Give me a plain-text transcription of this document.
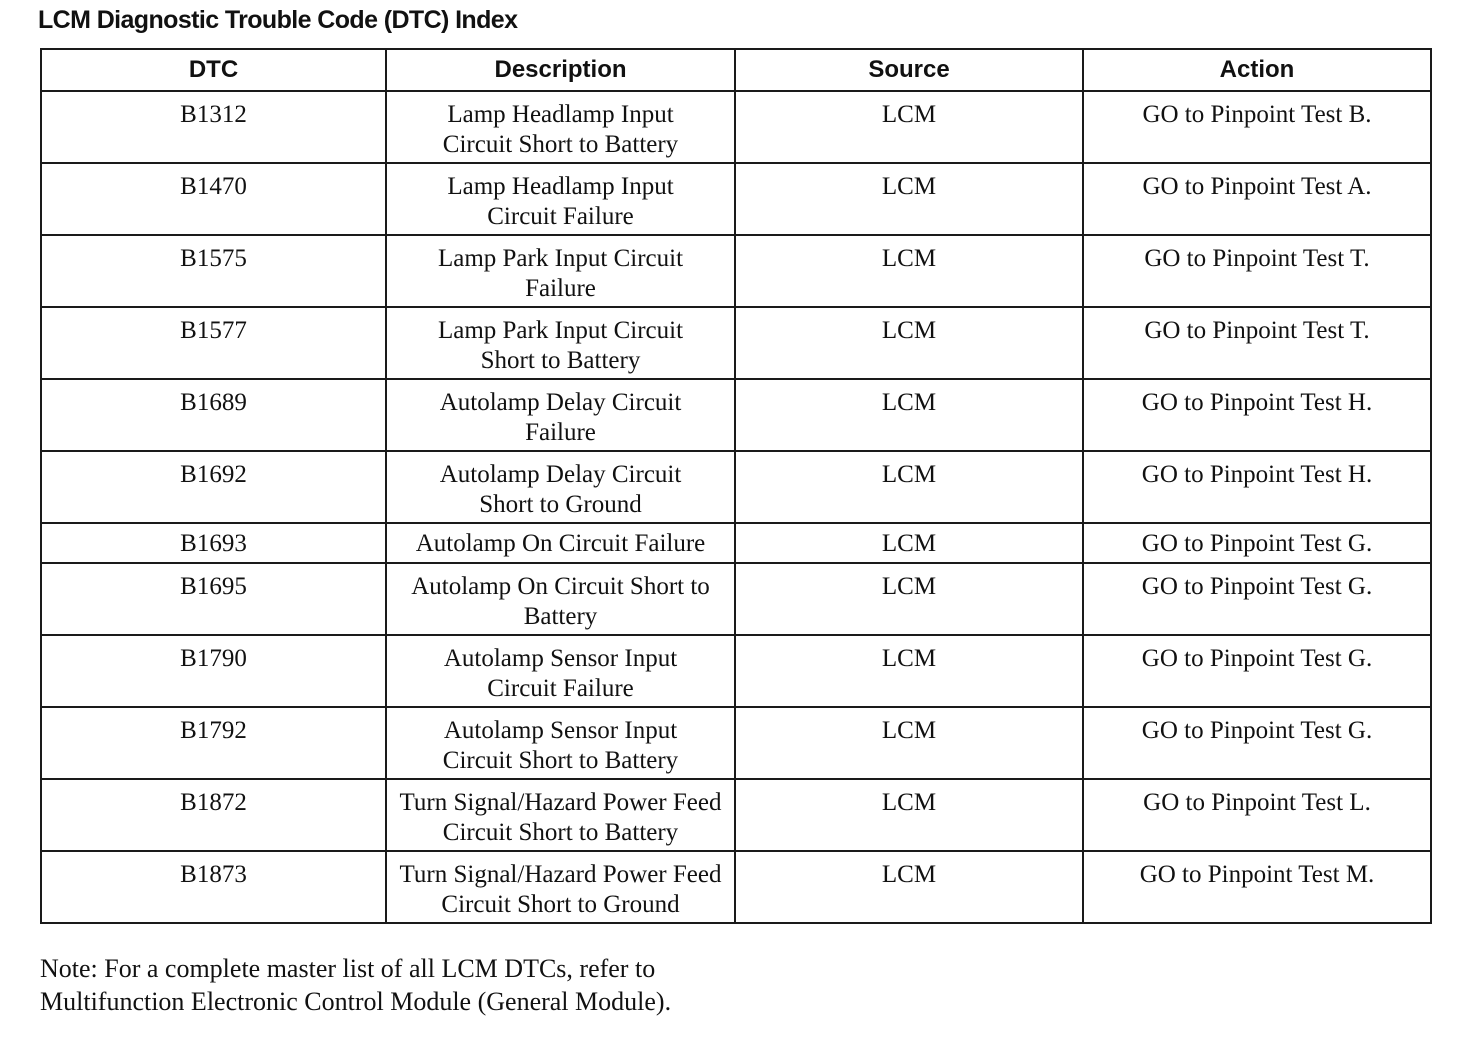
LCM Diagnostic Trouble Code (DTC) Index
DTC	Description	Source	Action
B1312	Lamp Headlamp Input Circuit Short to Battery	LCM	GO to Pinpoint Test B.
B1470	Lamp Headlamp Input Circuit Failure	LCM	GO to Pinpoint Test A.
B1575	Lamp Park Input Circuit Failure	LCM	GO to Pinpoint Test T.
B1577	Lamp Park Input Circuit Short to Battery	LCM	GO to Pinpoint Test T.
B1689	Autolamp Delay Circuit Failure	LCM	GO to Pinpoint Test H.
B1692	Autolamp Delay Circuit Short to Ground	LCM	GO to Pinpoint Test H.
B1693	Autolamp On Circuit Failure	LCM	GO to Pinpoint Test G.
B1695	Autolamp On Circuit Short to Battery	LCM	GO to Pinpoint Test G.
B1790	Autolamp Sensor Input Circuit Failure	LCM	GO to Pinpoint Test G.
B1792	Autolamp Sensor Input Circuit Short to Battery	LCM	GO to Pinpoint Test G.
B1872	Turn Signal/Hazard Power Feed Circuit Short to Battery	LCM	GO to Pinpoint Test L.
B1873	Turn Signal/Hazard Power Feed Circuit Short to Ground	LCM	GO to Pinpoint Test M.

Note: For a complete master list of all LCM DTCs, refer to Multifunction Electronic Control Module (General Module).
